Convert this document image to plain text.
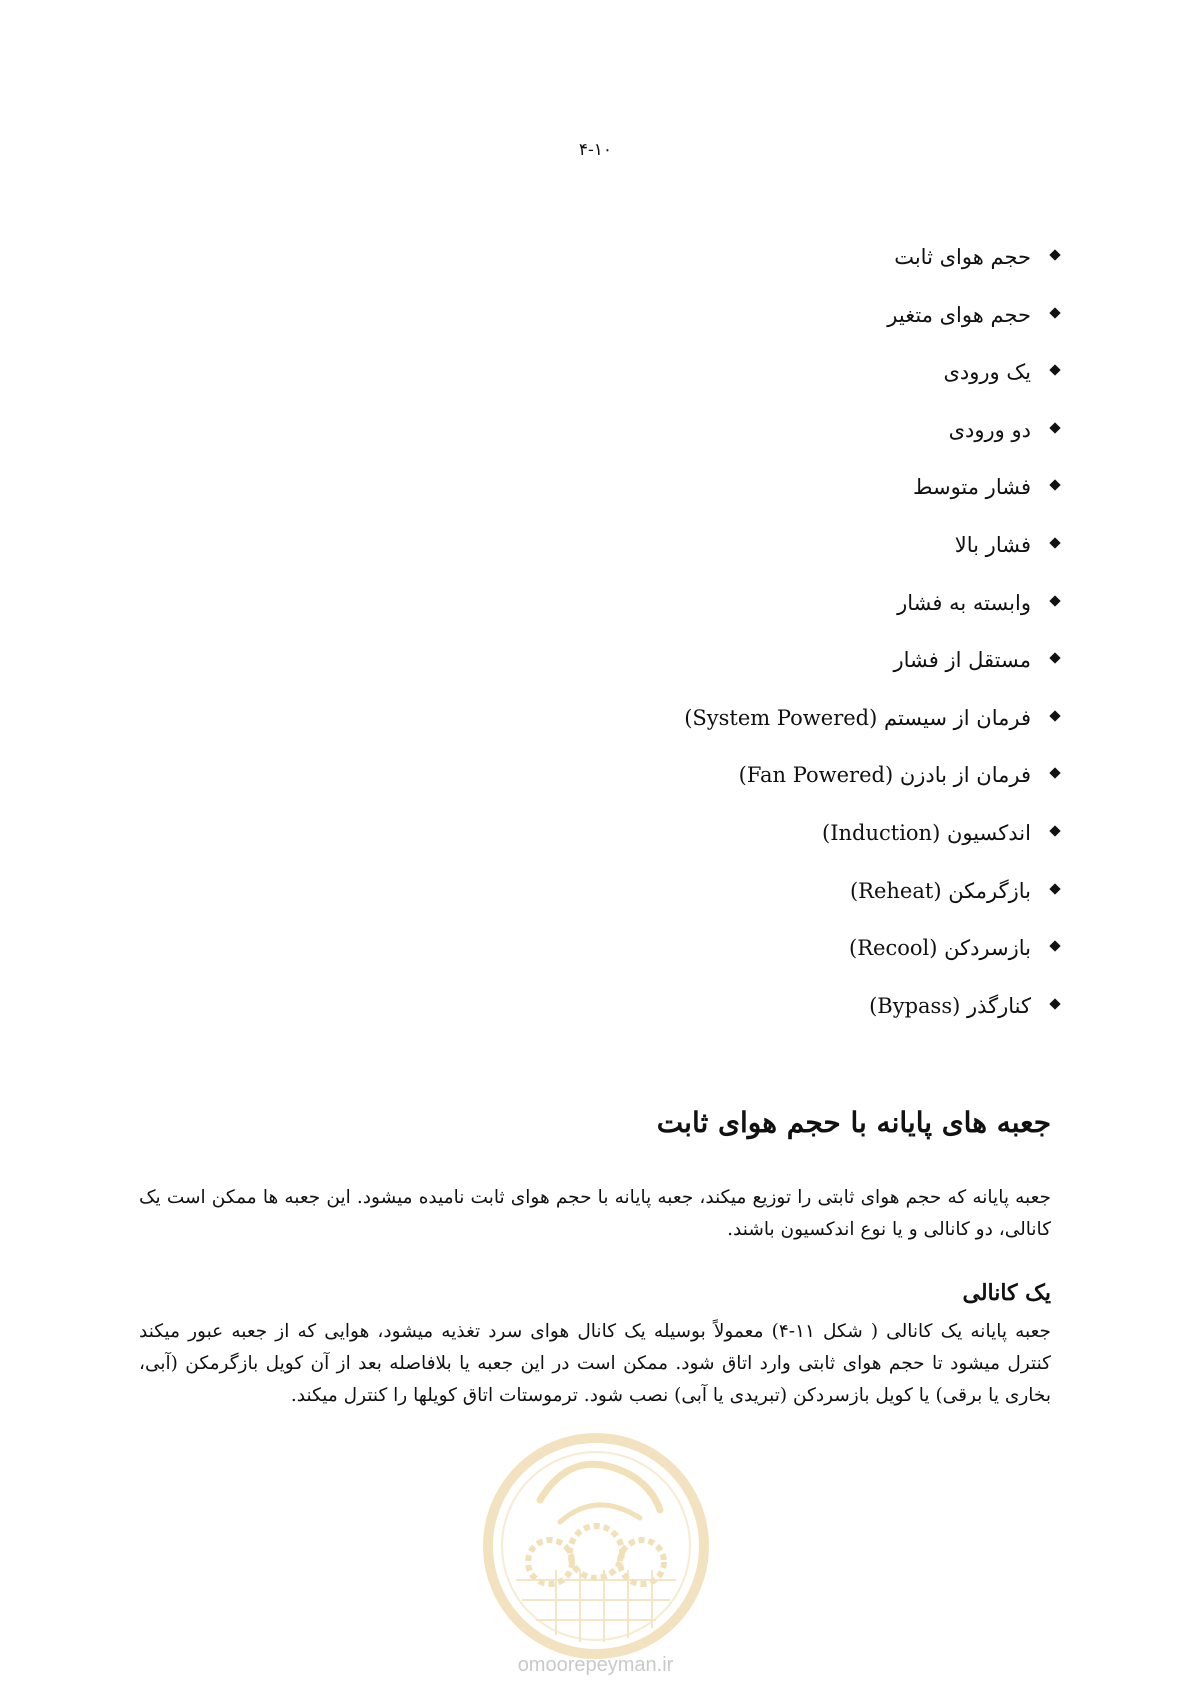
۴-۱۰
حجم هوای ثابت
حجم هوای متغیر
یک ورودی
دو ورودی
فشار متوسط
فشار بالا
وابسته به فشار
مستقل از فشار
فرمان از سیستم (System Powered)
فرمان از بادزن (Fan Powered)
اندکسیون (Induction)
بازگرمکن (Reheat)
بازسردکن (Recool)
کنارگذر (Bypass)
جعبه های پایانه با حجم هوای ثابت

جعبه پایانه که حجم هوای ثابتی را توزیع میکند، جعبه پایانه با حجم هوای ثابت نامیده میشود. این جعبه ها ممکن است یک کانالی، دو کانالی و یا نوع اندکسیون باشند.

یک کانالی

جعبه پایانه یک کانالی ( شکل ۱۱-۴) معمولاً بوسیله یک کانال هوای سرد تغذیه میشود، هوایی که از جعبه عبور میکند کنترل میشود تا حجم هوای ثابتی وارد اتاق شود. ممکن است در این جعبه یا بلافاصله بعد از آن کویل بازگرمکن (آبی، بخاری یا برقی) یا کویل بازسردکن (تبریدی یا آبی) نصب شود. ترموستات اتاق کویلها را کنترل میکند.

omoorepeyman.ir
